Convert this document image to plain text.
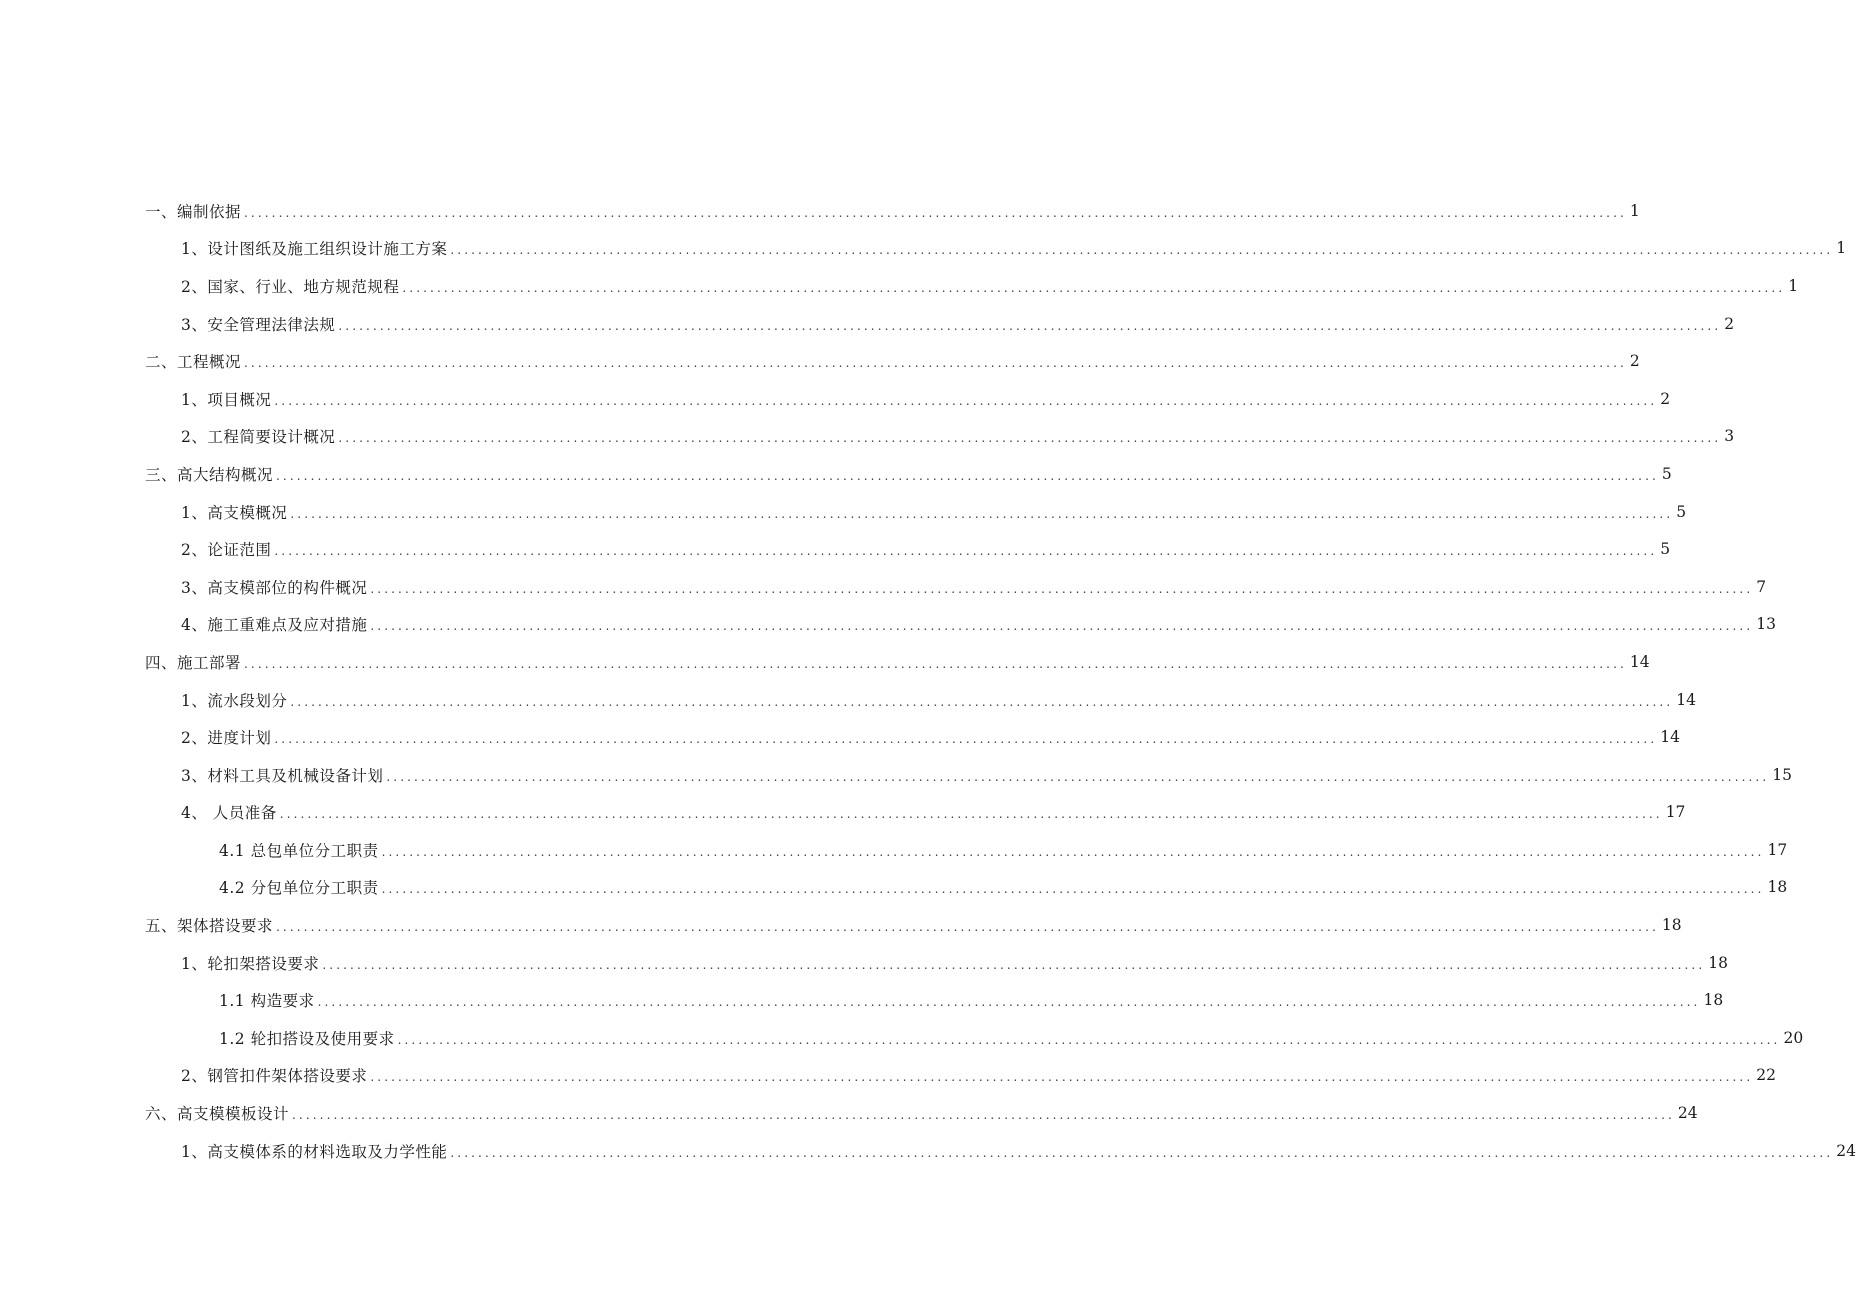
一、编制依据 ........................................................................................................................................................................................................ 1
1、设计图纸及施工组织设计施工方案 ........................................................................................................................................................................................................ 1
2、国家、行业、地方规范规程 ........................................................................................................................................................................................................ 1
3、安全管理法律法规 ........................................................................................................................................................................................................ 2
二、工程概况 ........................................................................................................................................................................................................ 2
1、项目概况 ........................................................................................................................................................................................................ 2
2、工程简要设计概况 ........................................................................................................................................................................................................ 3
三、高大结构概况 ........................................................................................................................................................................................................ 5
1、高支模概况 ........................................................................................................................................................................................................ 5
2、论证范围 ........................................................................................................................................................................................................ 5
3、高支模部位的构件概况 ........................................................................................................................................................................................................ 7
4、施工重难点及应对措施 ........................................................................................................................................................................................................ 13
四、施工部署 ........................................................................................................................................................................................................ 14
1、流水段划分 ........................................................................................................................................................................................................ 14
2、进度计划 ........................................................................................................................................................................................................ 14
3、材料工具及机械设备计划 ........................................................................................................................................................................................................ 15
4、 人员准备 ........................................................................................................................................................................................................ 17
4.1 总包单位分工职责 ........................................................................................................................................................................................................ 17
4.2 分包单位分工职责 ........................................................................................................................................................................................................ 18
五、架体搭设要求 ........................................................................................................................................................................................................ 18
1、轮扣架搭设要求 ........................................................................................................................................................................................................ 18
1.1 构造要求 ........................................................................................................................................................................................................ 18
1.2 轮扣搭设及使用要求 ........................................................................................................................................................................................................ 20
2、钢管扣件架体搭设要求 ........................................................................................................................................................................................................ 22
六、高支模模板设计 ........................................................................................................................................................................................................ 24
1、高支模体系的材料选取及力学性能 ........................................................................................................................................................................................................ 24
